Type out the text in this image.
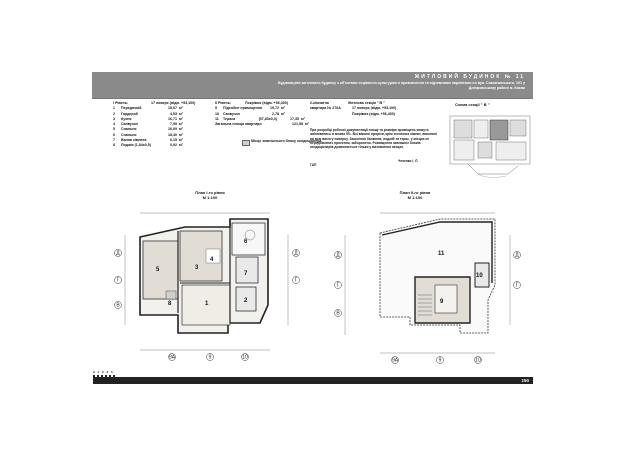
ЖИТЛОВИЙ БУДИНОК № 11
Будівництво житлового будинку з об'єктами соціально-культурного призначення та підземними паркінгами по вул. Саксаганського, 101 у Дніпровському районі м. Києва
I Рівень:	17 поверх (відм. +53,100)
1	Передпокій	15,67 м²
2	Гардероб	4,53 м²
3	Кухня	16,71 м²
4	Санвузол	7,99 м²
5	Спальня	16,09 м²
6	Спальня	18,40 м²
7	Ванна кімната	6,15 м²
8	Лоджія (1,84х0,5)	0,92 м²
II Рівень:	Покрівля (відм. +56,400)
9	Підсобне приміщення	19,72 м²
10	Санвузол	2,78 м²
11	Тераса	(57,83х0,3)	17,35 м²
Загальна площа квартири	121,58 м²
Місце зовнішнього блоку кондиціонера
2-кімнатна	Житлова секція " В "
квартира № 270А	17 поверх (відм. +53,100)
Покрівля (відм. +56,400)
При розробці робочої документації площі та розміри приміщень можуть змінюватись в межах 5%. Всі віконні прорізи, крім технічних кімнат, виконані на всю висоту поверху. Заскління балконів, лоджій та терас, у місцях не передбачених проектом, заборонено. Розміщення зовнішніх блоків кондиціонерів дозволяється тільки у визначених місцях.
Чеченко І. Л.
ГАП
Схема секції " В "
План I-го рівня
М 1:100
План II-го рівня
М 1:100
5	3
6
7
2
1
4
8
Д
Г
В
Д
Г
9А	9	10
11
9
10
Д
Г
В
Д
Г
9А	9	10
0 1 2 3 5
150
